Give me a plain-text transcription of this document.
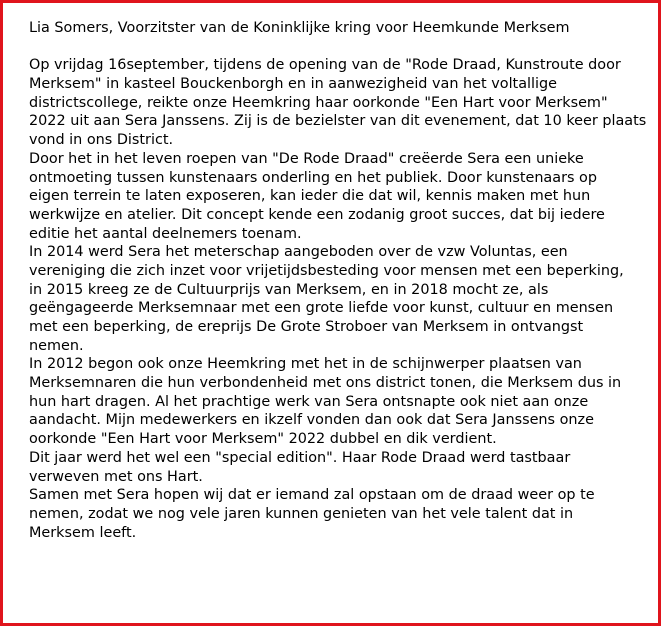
Lia Somers, Voorzitster van de Koninklijke kring voor Heemkunde Merksem
Op vrijdag 16september, tijdens de opening van de "Rode Draad, Kunstroute door
Merksem" in kasteel Bouckenborgh en in aanwezigheid van het voltallige
districtscollege, reikte onze Heemkring haar oorkonde "Een Hart voor Merksem"
2022 uit aan Sera Janssens. Zij is de bezielster van dit evenement, dat 10 keer plaats
vond in ons District.
Door het in het leven roepen van "De Rode Draad" creëerde Sera een unieke
ontmoeting tussen kunstenaars onderling en het publiek. Door kunstenaars op
eigen terrein te laten exposeren, kan ieder die dat wil, kennis maken met hun
werkwijze en atelier. Dit concept kende een zodanig groot succes, dat bij iedere
editie het aantal deelnemers toenam.
In 2014 werd Sera het meterschap aangeboden over de vzw Voluntas, een
vereniging die zich inzet voor vrijetijdsbesteding voor mensen met een beperking,
in 2015 kreeg ze de Cultuurprijs van Merksem, en in 2018 mocht ze, als
geëngageerde Merksemnaar met een grote liefde voor kunst, cultuur en mensen
met een beperking, de ereprijs De Grote Stroboer van Merksem in ontvangst
nemen.
In 2012 begon ook onze Heemkring met het in de schijnwerper plaatsen van
Merksemnaren die hun verbondenheid met ons district tonen, die Merksem dus in
hun hart dragen. Al het prachtige werk van Sera ontsnapte ook niet aan onze
aandacht. Mijn medewerkers en ikzelf vonden dan ook dat Sera Janssens onze
oorkonde "Een Hart voor Merksem" 2022 dubbel en dik verdient.
Dit jaar werd het wel een "special edition". Haar Rode Draad werd tastbaar
verweven met ons Hart.
Samen met Sera hopen wij dat er iemand zal opstaan om de draad weer op te
nemen, zodat we nog vele jaren kunnen genieten van het vele talent dat in
Merksem leeft.
